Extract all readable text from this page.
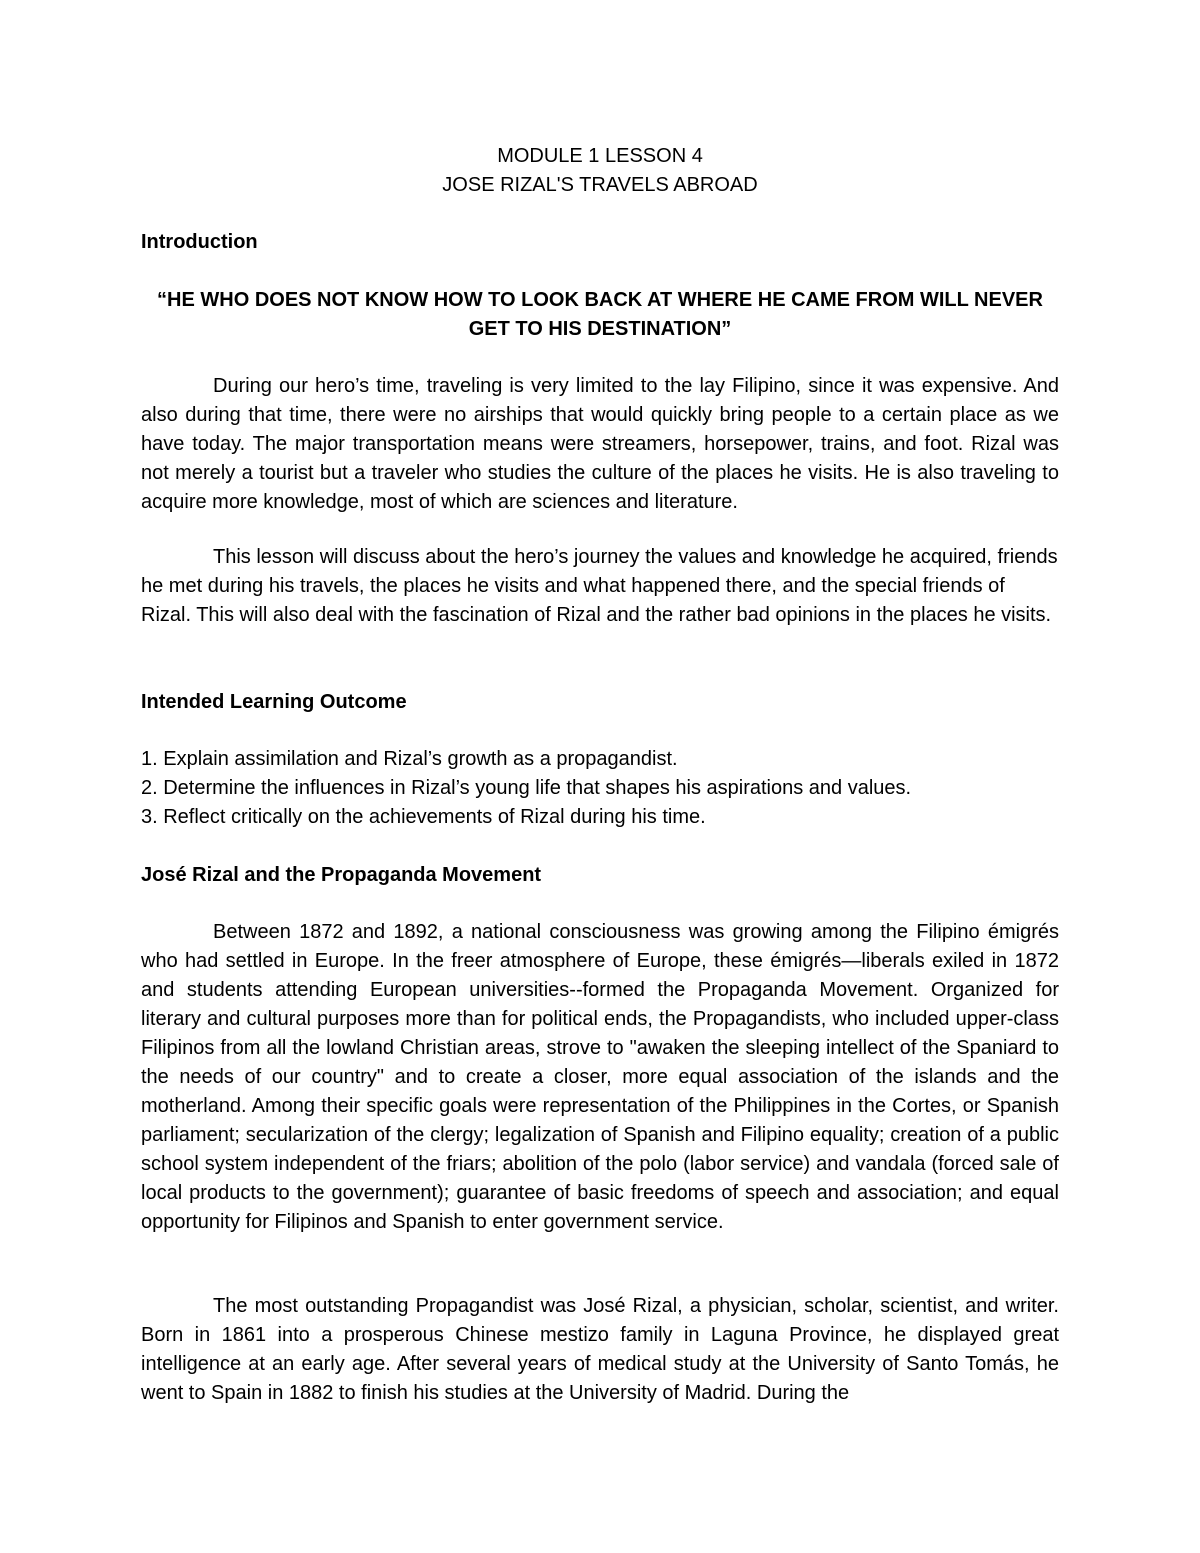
MODULE 1 LESSON 4

JOSE RIZAL'S TRAVELS ABROAD

Introduction

“HE WHO DOES NOT KNOW HOW TO LOOK BACK AT WHERE HE CAME FROM WILL NEVER GET TO HIS DESTINATION”

During our hero’s time, traveling is very limited to the lay Filipino, since it was expensive. And also during that time, there were no airships that would quickly bring people to a certain place as we have today. The major transportation means were streamers, horsepower, trains, and foot. Rizal was not merely a tourist but a traveler who studies the culture of the places he visits. He is also traveling to acquire more knowledge, most of which are sciences and literature.

This lesson will discuss about the hero’s journey the values and knowledge he acquired, friends he met during his travels, the places he visits and what happened there, and the special friends of Rizal. This will also deal with the fascination of Rizal and the rather bad opinions in the places he visits.

Intended Learning Outcome

1. Explain assimilation and Rizal’s growth as a propagandist.
2. Determine the influences in Rizal’s young life that shapes his aspirations and values.
3. Reflect critically on the achievements of Rizal during his time.

José Rizal and the Propaganda Movement

Between 1872 and 1892, a national consciousness was growing among the Filipino émigrés who had settled in Europe. In the freer atmosphere of Europe, these émigrés—liberals exiled in 1872 and students attending European universities--formed the Propaganda Movement. Organized for literary and cultural purposes more than for political ends, the Propagandists, who included upper-class Filipinos from all the lowland Christian areas, strove to "awaken the sleeping intellect of the Spaniard to the needs of our country" and to create a closer, more equal association of the islands and the motherland. Among their specific goals were representation of the Philippines in the Cortes, or Spanish parliament; secularization of the clergy; legalization of Spanish and Filipino equality; creation of a public school system independent of the friars; abolition of the polo (labor service) and vandala (forced sale of local products to the government); guarantee of basic freedoms of speech and association; and equal opportunity for Filipinos and Spanish to enter government service.

The most outstanding Propagandist was José Rizal, a physician, scholar, scientist, and writer. Born in 1861 into a prosperous Chinese mestizo family in Laguna Province, he displayed great intelligence at an early age. After several years of medical study at the University of Santo Tomás, he went to Spain in 1882 to finish his studies at the University of Madrid. During the
